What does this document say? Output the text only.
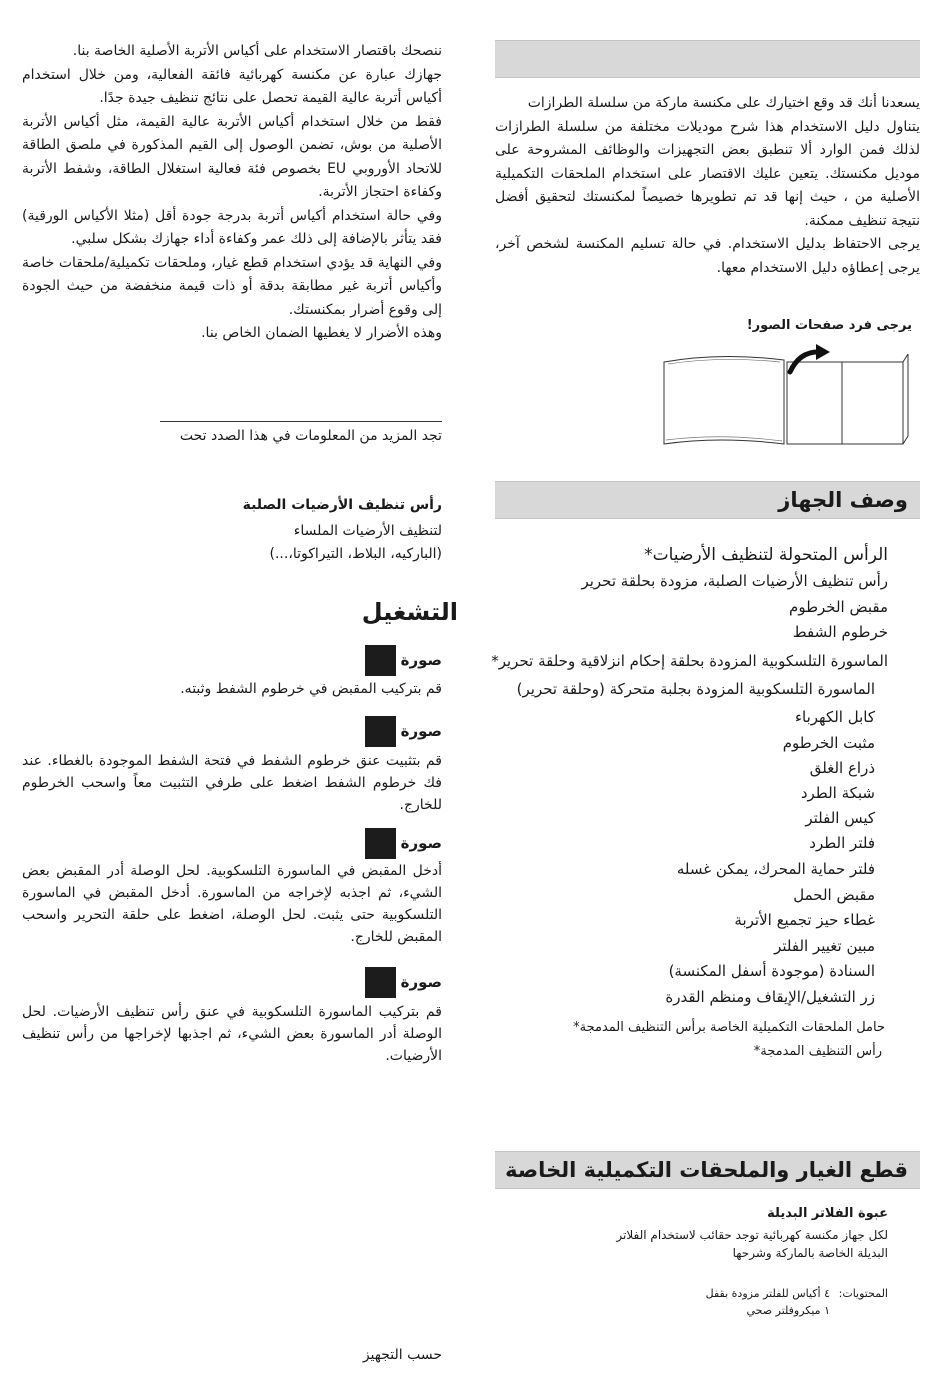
ننصحك باقتصار الاستخدام على أكياس الأتربة الأصلية الخاصة بنا.

جهازك عبارة عن مكنسة كهربائية فائقة الفعالية، ومن خلال استخدام أكياس أتربة عالية القيمة تحصل على نتائج تنظيف جيدة جدًا.

فقط من خلال استخدام أكياس الأتربة عالية القيمة، مثل أكياس الأتربة الأصلية من بوش، تضمن الوصول إلى القيم المذكورة في ملصق الطاقة للاتحاد الأوروبي EU بخصوص فئة فعالية استغلال الطاقة، وشفط الأتربة وكفاءة احتجاز الأتربة.

وفي حالة استخدام أكياس أتربة بدرجة جودة أقل (مثلا الأكياس الورقية) فقد يتأثر بالإضافة إلى ذلك عمر وكفاءة أداء جهازك بشكل سلبي.

وفي النهاية قد يؤدي استخدام قطع غيار، وملحقات تكميلية/ملحقات خاصة وأكياس أتربة غير مطابقة بدقة أو ذات قيمة منخفضة من حيث الجودة إلى وقوع أضرار بمكنستك.

وهذه الأضرار لا يغطيها الضمان الخاص بنا.

تجد المزيد من المعلومات في هذا الصدد تحت
رأس تنظيف الأرضيات الصلبة
لتنظيف الأرضيات الملساء
(الباركيه، البلاط، التيراكوتا،...)
التشغيل
صورة

قم بتركيب المقبض في خرطوم الشفط وثبته.

صورة

قم بتثبيت عنق خرطوم الشفط في فتحة الشفط الموجودة بالغطاء. عند فك خرطوم الشفط اضغط على طرفي التثبيت معاً واسحب الخرطوم للخارج.

صورة

أدخل المقبض في الماسورة التلسكوبية. لحل الوصلة أدر المقبض بعض الشيء، ثم اجذبه لإخراجه من الماسورة. أدخل المقبض في الماسورة التلسكوبية حتى يثبت. لحل الوصلة، اضغط على حلقة التحرير واسحب المقبض للخارج.

صورة

قم بتركيب الماسورة التلسكوبية في عنق رأس تنظيف الأرضيات. لحل الوصلة أدر الماسورة بعض الشيء، ثم اجذبها لإخراجها من رأس تنظيف الأرضيات.

حسب التجهيز

يسعدنا أنك قد وقع اختيارك على مكنسة ماركة من سلسلة الطرازات

يتناول دليل الاستخدام هذا شرح موديلات مختلفة من سلسلة الطرازات لذلك فمن الوارد ألا تنطبق بعض التجهيزات والوظائف المشروحة على موديل مكنستك. يتعين عليك الاقتصار على استخدام الملحقات التكميلية الأصلية من ، حيث إنها قد تم تطويرها خصيصاً لمكنستك لتحقيق أفضل نتيجة تنظيف ممكنة.

يرجى الاحتفاظ بدليل الاستخدام. في حالة تسليم المكنسة لشخص آخر، يرجى إعطاؤه دليل الاستخدام معها.

يرجى فرد صفحات الصور!
وصف الجهاز
الرأس المتحولة لتنظيف الأرضيات*
رأس تنظيف الأرضيات الصلبة، مزودة بحلقة تحرير
مقبض الخرطوم
خرطوم الشفط
الماسورة التلسكوبية المزودة بحلقة إحكام انزلاقية وحلقة تحرير*
الماسورة التلسكوبية المزودة بجلبة متحركة (وحلقة تحرير)
كابل الكهرباء
مثبت الخرطوم
ذراع الغلق
شبكة الطرد
كيس الفلتر
فلتر الطرد
فلتر حماية المحرك، يمكن غسله
مقبض الحمل
غطاء حيز تجميع الأتربة
مبين تغيير الفلتر
السنادة (موجودة أسفل المكنسة)
زر التشغيل/الإيقاف ومنظم القدرة
حامل الملحقات التكميلية الخاصة برأس التنظيف المدمجة*
رأس التنظيف المدمجة*
قطع الغيار والملحقات التكميلية الخاصة
عبوة الفلاتر البديلة

لكل جهاز مكنسة كهربائية توجد حقائب لاستخدام الفلاتر البديلة الخاصة بالماركة وشرحها

المحتويات:
٤ أكياس للفلتر مزودة بقفل
١ ميكروفلتر صحي
